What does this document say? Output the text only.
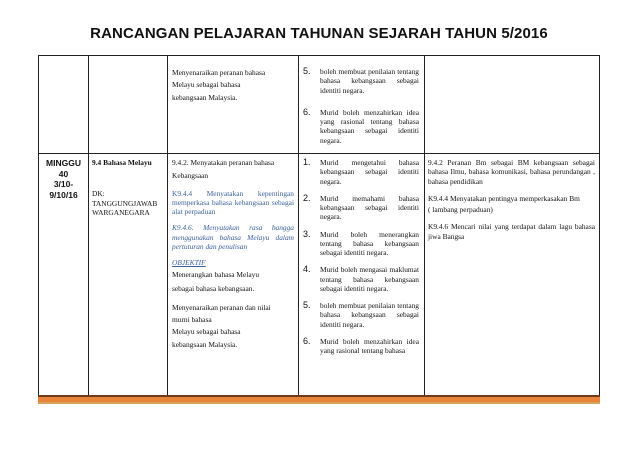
RANCANGAN PELAJARAN TAHUNAN SEJARAH TAHUN 5/2016
Menyenaraikan peranan bahasa
Melayu sebagai bahasa
kebangsaan Malaysia.
5. boleh membuat penilaian tentang bahasa kebangsaan sebagai identiti negara.
6. Murid boleh menzahirkan idea yang rasional tentang bahasa kebangsaan sebagai identiti negara.
MINGGU
40
3/10-
9/10/16
9.4 Bahasa Melayu
DK:
TANGGUNGJAWAB
WARGANEGARA
9.4.2. Menyatakan peranan bahasa
Kebangsaan
K9.4.4 Menyatakan kepentingan memperkasa bahasa kebangsaan sebagai alat perpaduan
K9.4.6. Menyatakan rasa bangga menggunakan bahasa Melayu dalam pertuturan dan penulisan
OBJEKTIF
Menerangkan bahasa Melayu
sebagai bahasa kebangsaan.
Menyenaraikan peranan dan nilai
murni bahasa
Melayu sebagai bahasa
kebangsaan Malaysia.
1. Murid mengetahui bahasa kebangsaan sebagai identiti negara.
2. Murid memahami bahasa kebangsaan sebagai identiti negara.
3. Murid boleh menerangkan tentang bahasa kebangsaan sebagai identiti negara.
4. Murid boleh mengasai maklumat tentang bahasa kebangsaan sebagai identiti negara.
5. boleh membuat penilaian tentang bahasa kebangsaan sebagai identiti negara.
6. Murid boleh menzahirkan idea yang rasional tentang bahasa
9.4.2 Peranan Bm sebagai BM kebangsaan sebagai bahasa Ilmu, bahasa komunikasi, bahasa perundangan , bahasa pendidikan
K9.4.4 Menyatakan pentingya memperkasakan Bm
( lambang perpaduan)
K9.4.6 Mencari nilai yang terdapat dalam lagu bahasa jiwa Bangsa
